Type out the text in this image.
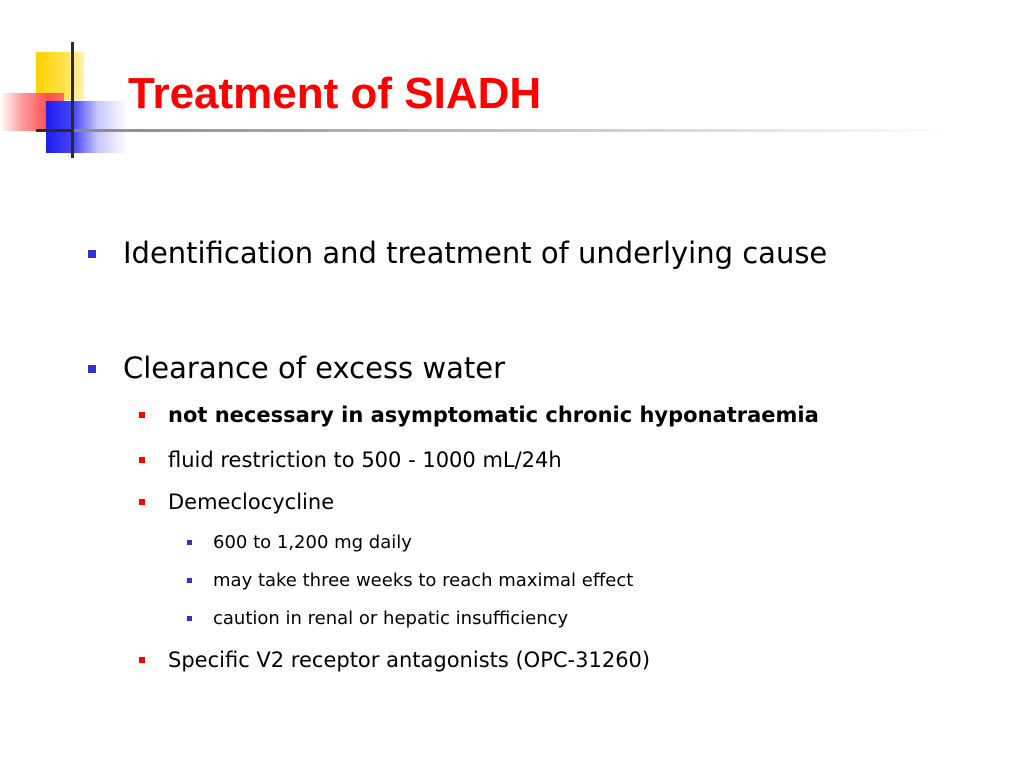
Treatment of SIADH
Identification and treatment of underlying cause
Clearance of excess water
not necessary in asymptomatic chronic hyponatraemia
fluid restriction to 500 - 1000 mL/24h
Demeclocycline
600 to 1,200 mg daily
may take three weeks to reach maximal effect
caution in renal or hepatic insufficiency
Specific V2 receptor antagonists (OPC-31260)
